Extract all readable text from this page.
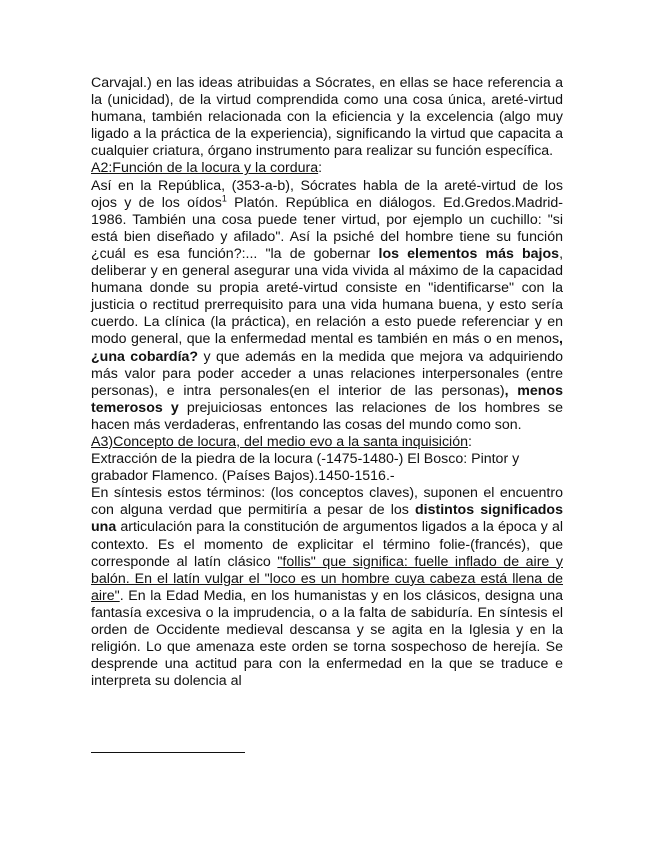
Carvajal.) en las ideas atribuidas a Sócrates, en ellas se hace referencia a la (unicidad), de la virtud comprendida como una cosa única, areté-virtud humana, también relacionada con la eficiencia y la excelencia (algo muy ligado a la práctica de la experiencia), significando la virtud que capacita a cualquier criatura, órgano instrumento para realizar su función específica.

A2:Función de la locura y la cordura:

Así en la República, (353-a-b), Sócrates habla de la areté-virtud de los ojos y de los oídos$^1$ Platón. República en diálogos. Ed.Gredos.Madrid-1986. También una cosa puede tener virtud, por ejemplo un cuchillo: "si está bien diseñado y afilado". Así la psiché del hombre tiene su función ¿cuál es esa función?:... "la de gobernar los elementos más bajos, deliberar y en general asegurar una vida vivida al máximo de la capacidad humana donde su propia areté-virtud consiste en "identificarse" con la justicia o rectitud prerrequisito para una vida humana buena, y esto sería cuerdo. La clínica (la práctica), en relación a esto puede referenciar y en modo general, que la enfermedad mental es también en más o en menos, ¿una cobardía? y que además en la medida que mejora va adquiriendo más valor para poder acceder a unas relaciones interpersonales (entre personas), e intra personales(en el interior de las personas), menos temerosos y prejuiciosas entonces las relaciones de los hombres se hacen más verdaderas, enfrentando las cosas del mundo como son.

A3)Concepto de locura, del medio evo a la santa inquisición:

Extracción de la piedra de la locura (-1475-1480-) El Bosco: Pintor y grabador Flamenco. (Países Bajos).1450-1516.-

En síntesis estos términos: (los conceptos claves), suponen el encuentro con alguna verdad que permitiría a pesar de los distintos significados una articulación para la constitución de argumentos ligados a la época y al contexto. Es el momento de explicitar el término folie-(francés), que corresponde al latín clásico "follis" que significa: fuelle inflado de aire y balón. En el latín vulgar el "loco es un hombre cuya cabeza está llena de aire". En la Edad Media, en los humanistas y en los clásicos, designa una fantasía excesiva o la imprudencia, o a la falta de sabiduría. En síntesis el orden de Occidente medieval descansa y se agita en la Iglesia y en la religión. Lo que amenaza este orden se torna sospechoso de herejía. Se desprende una actitud para con la enfermedad en la que se traduce e interpreta su dolencia al
